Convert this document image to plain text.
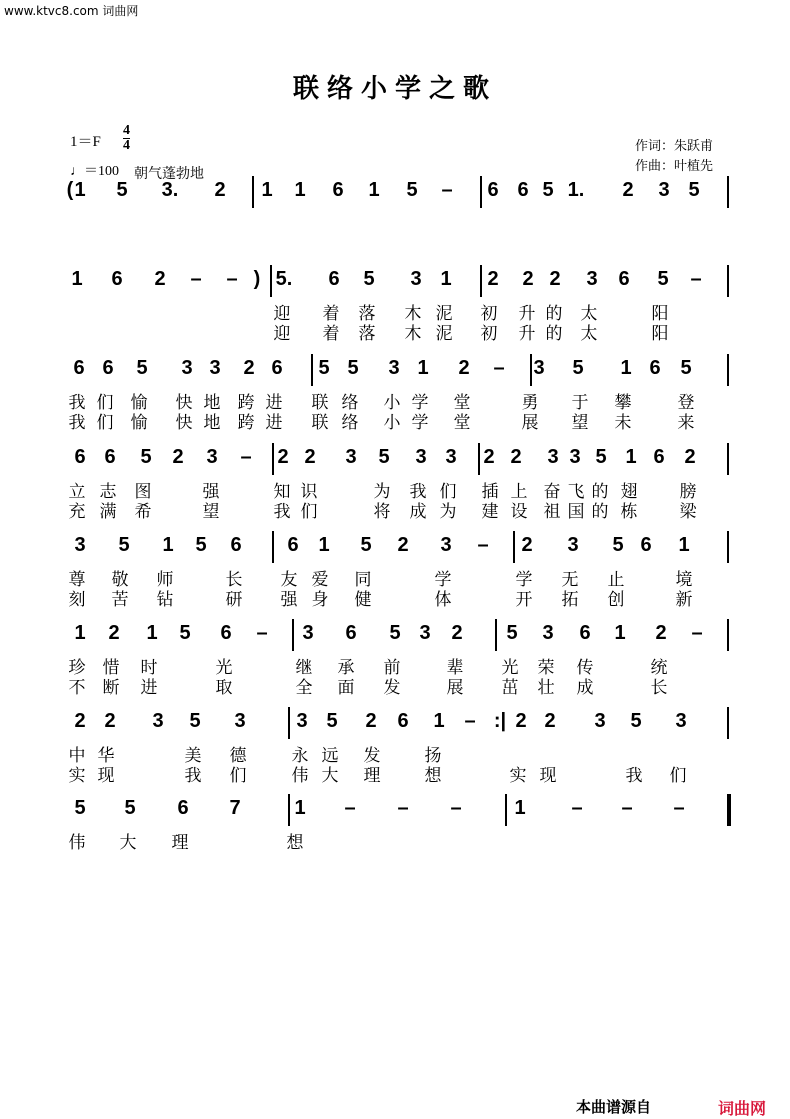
www.ktvc8.com 词曲网
联络小学之歌
1＝F
4
4
♩＝100 朝气蓬勃地
作词：朱跃甫
作曲：叶植先
( 1 5 3. 2 1 1 6 1 5 – 6 6 5 1. 2 3 5
1 6 2 – – ) 5. 6 5 3 1 2 2 2 3 6 5 –
迎 着 落 木 泥 初 升 的 太	阳
迎 着 落 木 泥 初 升 的 太	阳
6 6 5 3 3 2 6 5 5 3 1 2 – 3 5 1 6 5
我 们 愉 快 地 跨 进 联 络 小 学 堂	勇 于 攀	登
我 们 愉 快 地 跨 进 联 络 小 学 堂	展 望 未	来
6 6 5 2 3 – 2 2 3 5 3 3 2 2 3 3 5 1 6 2
立 志 图	强	知 识	为 我 们 插 上 奋 飞 的 翅 膀
充 满 希	望	我 们	将 成 为 建 设 祖 国 的 栋 梁
3 5 1 5 6 6 1 5 2 3 – 2 3 5 6 1
尊 敬 师	长 友 爱 同	学	学 无 止	境
刻 苦 钻	研 强 身 健	体	开 拓 创	新
1 2 1 5 6 – 3 6 5 3 2 5 3 6 1 2 –
珍 惜 时	光	继 承 前	辈 光 荣 传	统
不 断 进	取	全 面 发	展 茁 壮 成	长
2 2 3 5 3	3 5 2 6 1 – :| 2 2 3 5 3
中 华	美 德	永 远 发	扬
实 现	我 们	伟 大 理	想	实 现	我 们
5 5 6 7	1 – – –	1 – – –
伟 大 理	想
本曲谱源自	词曲网
